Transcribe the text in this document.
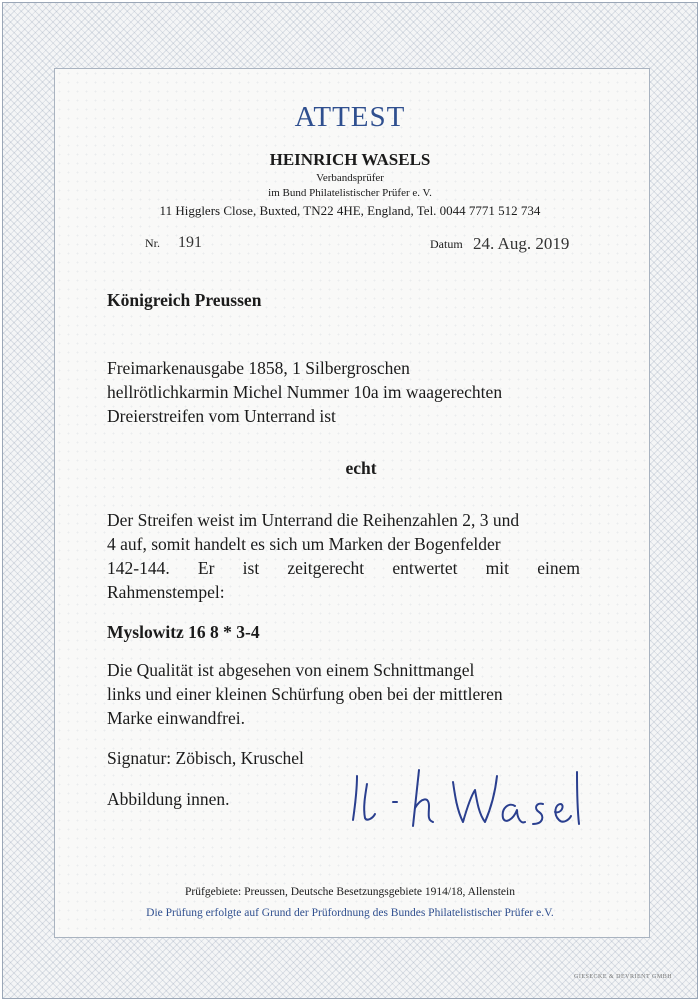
ATTEST

HEINRICH WASELS

Verbandsprüfer

im Bund Philatelistischer Prüfer e. V.

11 Higglers Close, Buxted, TN22 4HE, England, Tel. 0044 7771 512 734

Nr. 191	Datum 24. Aug. 2019

Königreich Preussen

Freimarkenausgabe 1858, 1 Silbergroschen

hellrötlichkarmin Michel Nummer 10a im waagerechten

Dreierstreifen vom Unterrand ist

echt

Der Streifen weist im Unterrand die Reihenzahlen 2, 3 und

4 auf, somit handelt es sich um Marken der Bogenfelder

142-144. Er ist zeitgerecht entwertet mit einem

Rahmenstempel:

Myslowitz 16 8 * 3-4

Die Qualität ist abgesehen von einem Schnittmangel

links und einer kleinen Schürfung oben bei der mittleren

Marke einwandfrei.

Signatur: Zöbisch, Kruschel

Abbildung innen.

Prüfgebiete: Preussen, Deutsche Besetzungsgebiete 1914/18, Allenstein

Die Prüfung erfolgte auf Grund der Prüfordnung des Bundes Philatelistischer Prüfer e.V.

GIESECKE & DEVRIENT GMBH
